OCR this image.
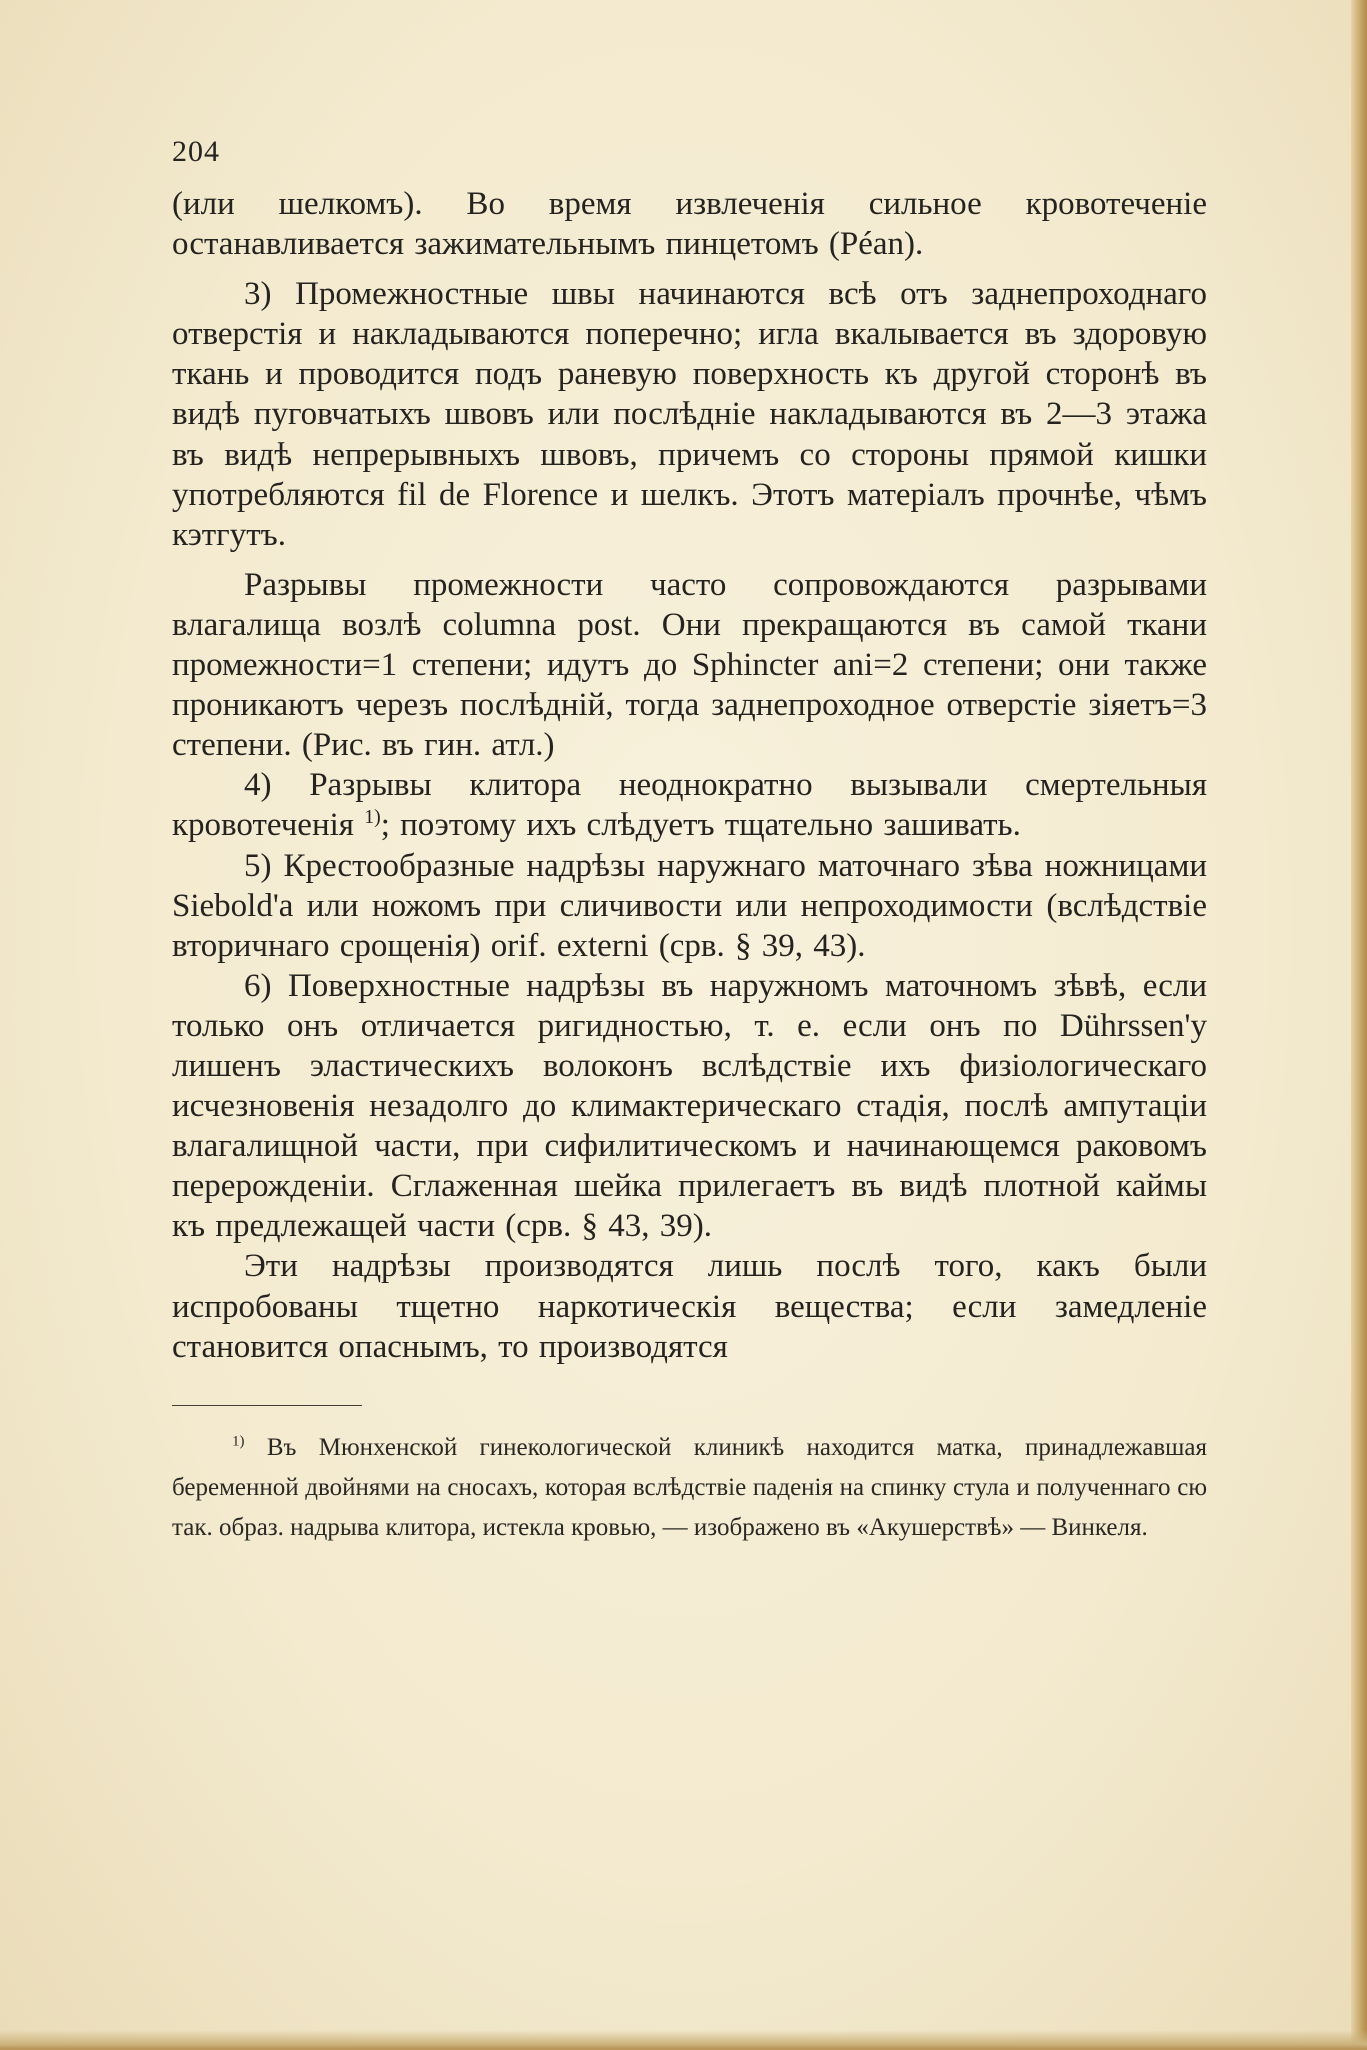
204

(или шелкомъ). Во время извлеченія сильное кровотеченіе останавливается зажимательнымъ пинцетомъ (Péan).

3) Промежностные швы начинаются всѣ отъ заднепроходнаго отверстія и накладываются поперечно; игла вкалывается въ здоровую ткань и проводится подъ раневую поверхность къ другой сторонѣ въ видѣ пуговчатыхъ швовъ или послѣдніе накладываются въ 2—3 этажа въ видѣ непрерывныхъ швовъ, причемъ со стороны прямой кишки употребляются fil de Florence и шелкъ. Этотъ матеріалъ прочнѣе, чѣмъ кэтгутъ.

Разрывы промежности часто сопровождаются разрывами влагалища возлѣ columna post. Они прекращаются въ самой ткани промежности=1 степени; идутъ до Sphincter ani=2 степени; они также проникаютъ черезъ послѣдній, тогда заднепроходное отверстіе зіяетъ=3 степени. (Рис. въ гин. атл.)

4) Разрывы клитора неоднократно вызывали смертельныя кровотеченія $^{1)}$; поэтому ихъ слѣдуетъ тщательно зашивать.

5) Крестообразные надрѣзы наружнаго маточнаго зѣва ножницами Siebold'a или ножомъ при сличивости или непроходимости (вслѣдствіе вторичнаго срощенія) orif. externi (срв. § 39, 43).

6) Поверхностные надрѣзы въ наружномъ маточномъ зѣвѣ, если только онъ отличается ригидностью, т. е. если онъ по Dührssen'у лишенъ эластическихъ волоконъ вслѣдствіе ихъ физіологическаго исчезновенія незадолго до климактерическаго стадія, послѣ ампутаціи влагалищной части, при сифилитическомъ и начинающемся раковомъ перерожденіи. Сглаженная шейка прилегаетъ въ видѣ плотной каймы къ предлежащей части (срв. § 43, 39).

Эти надрѣзы производятся лишь послѣ того, какъ были испробованы тщетно наркотическія вещества; если замедленіе становится опаснымъ, то производятся

$^{1)}$ Въ Мюнхенской гинекологической клиникѣ находится матка, принадлежавшая беременной двойнями на сносахъ, которая вслѣдствіе паденія на спинку стула и полученнаго сю так. образ. надрыва клитора, истекла кровью, — изображено въ «Акушерствѣ» — Винкеля.
